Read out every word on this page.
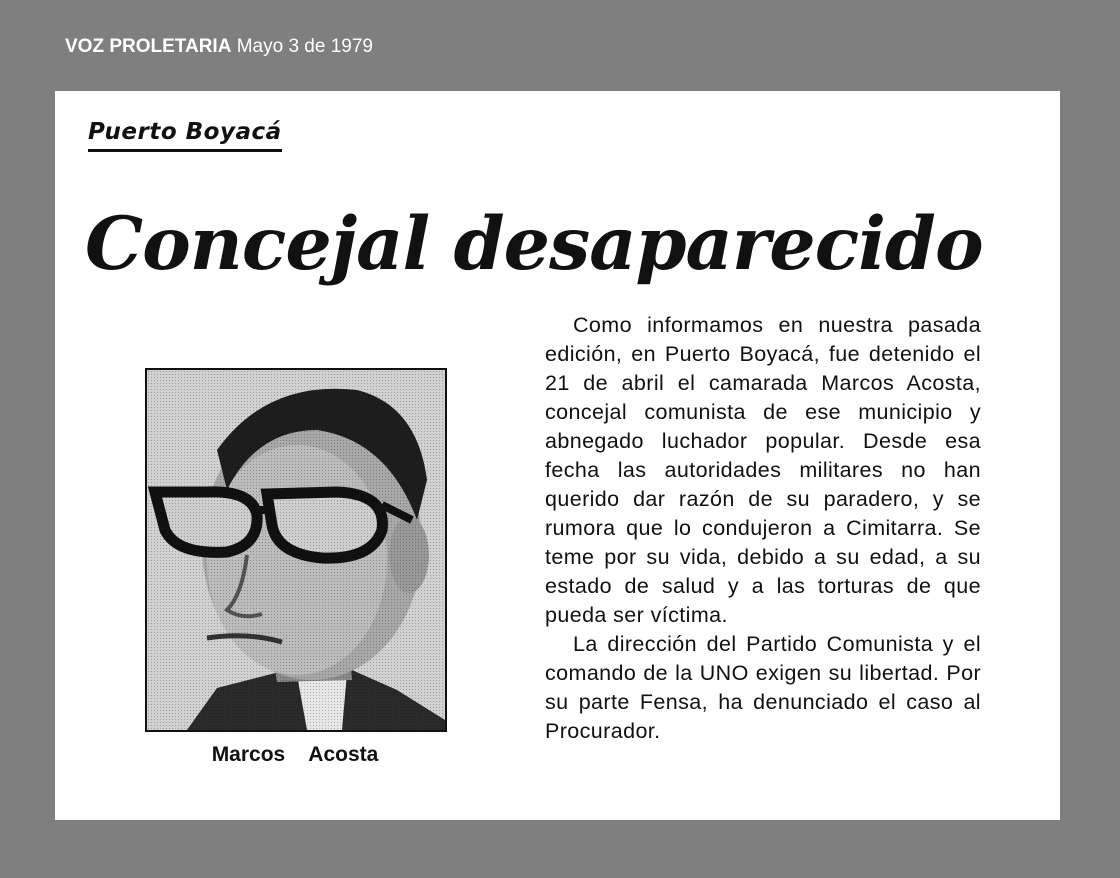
VOZ PROLETARIA Mayo 3 de 1979
Puerto Boyacá
Concejal desaparecido
Marcos Acosta

Como informamos en nuestra pasada edición, en Puerto Boyacá, fue detenido el 21 de abril el camarada Marcos Acosta, concejal comunista de ese municipio y abnegado luchador popular. Desde esa fecha las autoridades militares no han querido dar razón de su paradero, y se rumora que lo condujeron a Cimitarra. Se teme por su vida, debido a su edad, a su estado de salud y a las torturas de que pueda ser víctima.

La dirección del Partido Comunista y el comando de la UNO exigen su libertad. Por su parte Fensa, ha denunciado el caso al Procurador.
